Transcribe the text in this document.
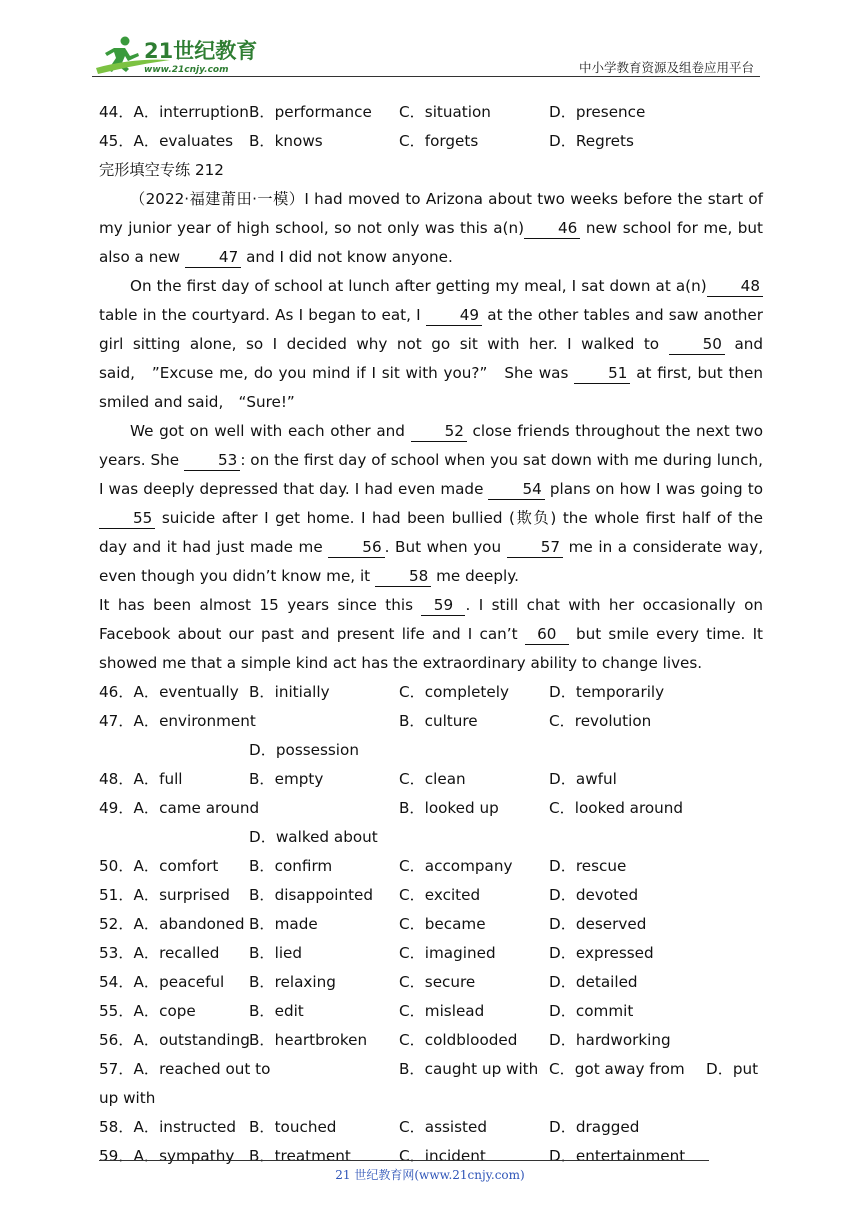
21世纪教育
www.21cnjy.com	中小学教育资源及组卷应用平台
44．A．interruption B．performance C．situation	D．presence
45．A．evaluates B．knows	C．forgets	D．Regrets

完形填空专练 212

（2022·福建莆田·一模）I had moved to Arizona about two weeks before the start of my junior year of high school, so not only was this a(n) 46 new school for me, but also a new	47 and I did not know anyone.

On the first day of school at lunch after getting my meal, I sat down at a(n) 48 table in the courtyard. As I began to eat, I	49 at the other tables and saw another girl sitting alone, so I decided why not go sit with her. I walked to	50 and said,　”Excuse me, do you mind if I sit with you?”　She was	51 at first, but then smiled and said,　“Sure!”

We got on well with each other and	52 close friends throughout the next two years. She	53 : on the first day of school when you sat down with me during lunch, I was deeply depressed that day. I had even made	54 plans on how I was going to 55 suicide after I get home. I had been bullied (欺负) the whole first half of the day and it had just made me	56 . But when you	57 me in a considerate way, even though you didn’t know me, it	58 me deeply.

It has been almost 15 years since this 59 . I still chat with her occasionally on Facebook about our past and present life and I can’t 60 but smile every time. It showed me that a simple kind act has the extraordinary ability to change lives.

46．A．eventually B．initially	C．completely	D．temporarily
47．A．environment	B．culture	C．revolution
D．possession
48．A．full	B．empty	C．clean	D．awful
49．A．came around	B．looked up	C．looked around
D．walked about
50．A．comfort B．confirm	C．accompany D．rescue
51．A．surprised B．disappointed C．excited	D．devoted
52．A．abandoned B．made	C．became	D．deserved
53．A．recalled B．lied	C．imagined	D．expressed
54．A．peaceful B．relaxing	C．secure	D．detailed
55．A．cope	B．edit	C．mislead	D．commit
56．A．outstanding B．heartbroken C．coldblooded D．hardworking
57．A．reached out to	B．caught up with C．got away from D．put
up with
58．A．instructed B．touched	C．assisted	D．dragged
59．A．sympathy B．treatment	C．incident	D．entertainment
21 世纪教育网(www.21cnjy.com)
